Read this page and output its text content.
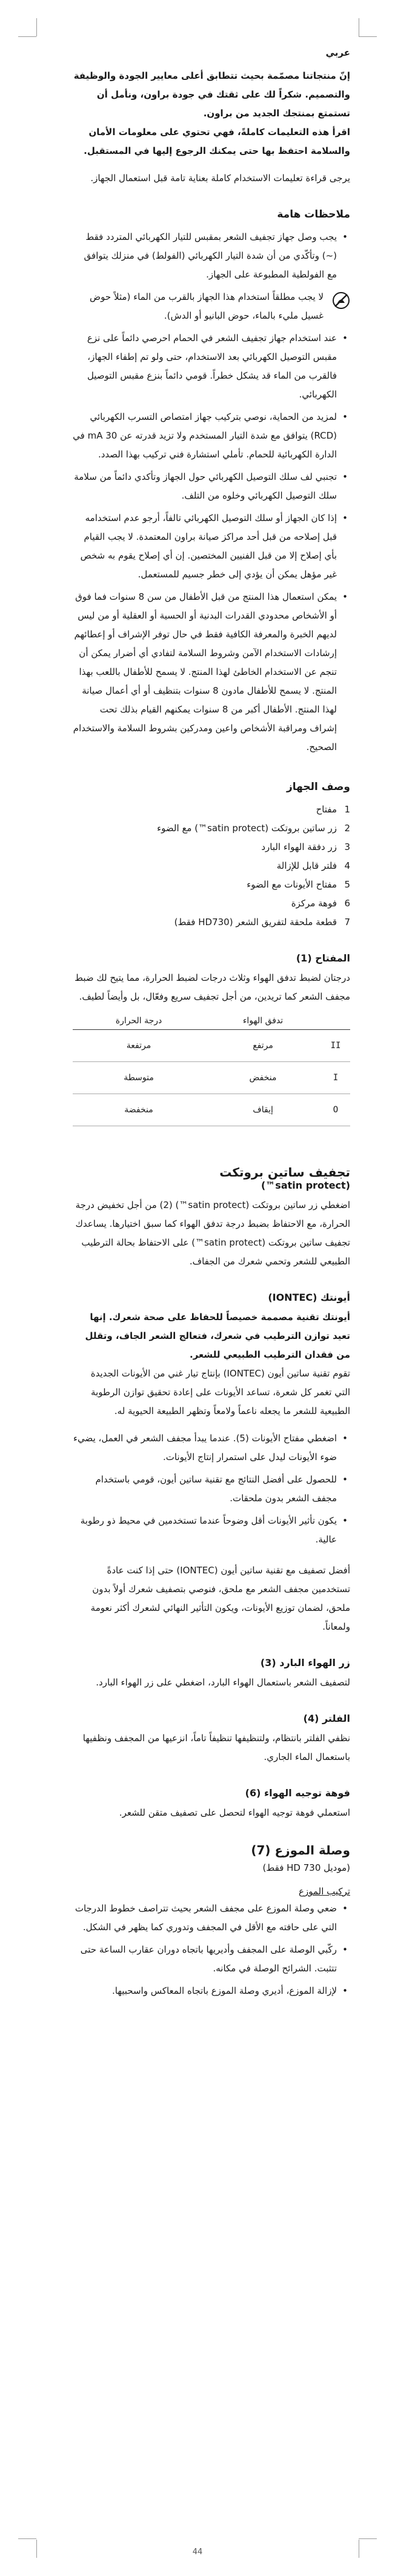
عربي

إنّ منتجاتنا مصمّمة بحيث تتطابق أعلى معايير الجودة والوظيفة والتصميم. شكراً لك على ثقتك في جودة براون، ونأمل أن تستمتع بمنتجك الجديد من براون.

اقرأ هذه التعليمات كاملةً، فهي تحتوي على معلومات الأمان والسلامة احتفظ بها حتى يمكنك الرجوع إليها في المستقبل.

يرجى قراءة تعليمات الاستخدام كاملة بعناية تامة قبل استعمال الجهاز.

ملاحظات هامة
•
يجب وصل جهاز تجفيف الشعر بمقبس للتيار الكهربائي المتردد فقط (~) وتأكّدي من أن شدة التيار الكهربائي (الفولط) في منزلك يتوافق مع الفولطية المطبوعة على الجهاز.
لا يجب مطلقاً استخدام هذا الجهاز بالقرب من الماء (مثلاً حوض غسيل مليء بالماء، حوض البانيو أو الدش).
•
عند استخدام جهاز تجفيف الشعر في الحمام احرصي دائماً على نزع مقبس التوصيل الكهربائي بعد الاستخدام، حتى ولو تم إطفاء الجهاز، فالقرب من الماء قد يشكل خطراً. قومي دائماً بنزع مقبس التوصيل الكهربائي.
•
لمزيد من الحماية، نوصي بتركيب جهاز امتصاص التسرب الكهربائي (RCD) يتوافق مع شدة التيار المستخدم ولا تزيد قدرته عن 30 mA في الدارة الكهربائية للحمام. تأملي استشارة فني تركيب بهذا الصدد.
•
تجنبي لف سلك التوصيل الكهربائي حول الجهاز وتأكدي دائماً من سلامة سلك التوصيل الكهربائي وخلوه من التلف.
•
إذا كان الجهاز أو سلك التوصيل الكهربائي تالفاً، أرجو عدم استخدامه قبل إصلاحه من قبل أحد مراكز صيانة براون المعتمدة. لا يجب القيام بأي إصلاح إلا من قبل الفنيين المختصين. إن أي إصلاح يقوم به شخص غير مؤهل يمكن أن يؤدي إلى خطر جسيم للمستعمل.
•
يمكن استعمال هذا المنتج من قبل الأطفال من سن 8 سنوات فما فوق أو الأشخاص محدودي القدرات البدنية أو الحسية أو العقلية أو من ليس لديهم الخبرة والمعرفة الكافية فقط في حال توفر الإشراف أو إعطائهم إرشادات الاستخدام الآمن وشروط السلامة لتفادي أي أضرار يمكن أن تنجم عن الاستخدام الخاطئ لهذا المنتج. لا يسمح للأطفال باللعب بهذا المنتج. لا يسمح للأطفال مادون 8 سنوات بتنظيف أو أي أعمال صيانة لهذا المنتج. الأطفال أكبر من 8 سنوات يمكنهم القيام بذلك تحت إشراف ومراقبة الأشخاص واعين ومدركين بشروط السلامة والاستخدام الصحيح.
وصف الجهاز
1مفتاح
2زر ساتين بروتكت (satin protect™) مع الضوء
3زر دفقة الهواء البارد
4فلتر قابل للإزالة
5مفتاح الأيونات مع الضوء
6فوهة مركزة
7قطعة ملحقة لتفريق الشعر (HD730 فقط)
المفتاح (1)

درجتان لضبط تدفق الهواء وثلاث درجات لضبط الحرارة، مما يتيح لك ضبط مجفف الشعر كما تريدين، من أجل تجفيف سريع وفعّال، بل وأيضاً لطيف.

	تدفق الهواء	درجة الحرارة
II	مرتفع	مرتفعة
I	منخفض	متوسطة
O	إيقاف	منخفضة
تجفيف ساتين بروتكت
(satin protect™)

اضغطي زر ساتين بروتكت (satin protect™) (2) من أجل تخفيض درجة الحرارة، مع الاحتفاظ بضبط درجة تدفق الهواء كما سبق اختيارها. يساعدك تجفيف ساتين بروتكت (satin protect™) على الاحتفاظ بحالة الترطيب الطبيعي للشعر وتحمي شعرك من الجفاف.

أيونتك (IONTEC)

أيونتك تقنية مصممة خصيصاً للحفاظ على صحة شعرك. إنها تعيد توازن الترطيب في شعرك، فتعالج الشعر الجاف، وتقلل من فقدان الترطيب الطبيعي للشعر.

تقوم تقنية ساتين أيون (IONTEC) بإنتاج تيار غني من الأيونات الجديدة التي تغمر كل شعرة، تساعد الأيونات على إعادة تحقيق توازن الرطوبة الطبيعية للشعر ما يجعله ناعماً ولامعاً وتظهر الطبيعة الحيوية له.

•
اضغطي مفتاح الأيونات (5). عندما يبدأ مجفف الشعر في العمل، يضيء ضوء الأيونات ليدل على استمرار إنتاج الأيونات.
•
للحصول على أفضل النتائج مع تقنية ساتين أيون، قومي باستخدام مجفف الشعر بدون ملحقات.
•
يكون تأثير الأيونات أقل وضوحاً عندما تستخدمين في محيط ذو رطوبة عالية.

أفضل تصفيف مع تقنية ساتين أيون (IONTEC) حتى إذا كنت عادةً تستخدمين مجفف الشعر مع ملحق، فنوصي بتصفيف شعرك أولاً بدون ملحق، لضمان توزيع الأيونات، ويكون التأثير النهائي لشعرك أكثر نعومة ولمعاناً.

زر الهواء البارد (3)

لتصفيف الشعر باستعمال الهواء البارد، اضغطي على زر الهواء البارد.

الفلتر (4)

نظفي الفلتر بانتظام، ولتنظيفها تنظيفاً تاماً، انزعيها من المجفف ونظفيها باستعمال الماء الجاري.

فوهة توجيه الهواء (6)

استعملي فوهة توجيه الهواء لتحصل على تصفيف متقن للشعر.

وصلة الموزع (7)

(موديل HD 730 فقط)

تركيب الموزع
•
ضعي وصلة الموزع على مجفف الشعر بحيث تتراصف خطوط الدرجات التي على حافته مع الأقل في المجفف وتدوري كما يظهر في الشكل.
•
ركّبي الوصلة على المجفف وأديريها باتجاه دوران عقارب الساعة حتى تتثبت. الشرائح الوصلة في مكانه.
•
لإزالة الموزع، أديري وصلة الموزع باتجاه المعاكس واسحبيها.
44
